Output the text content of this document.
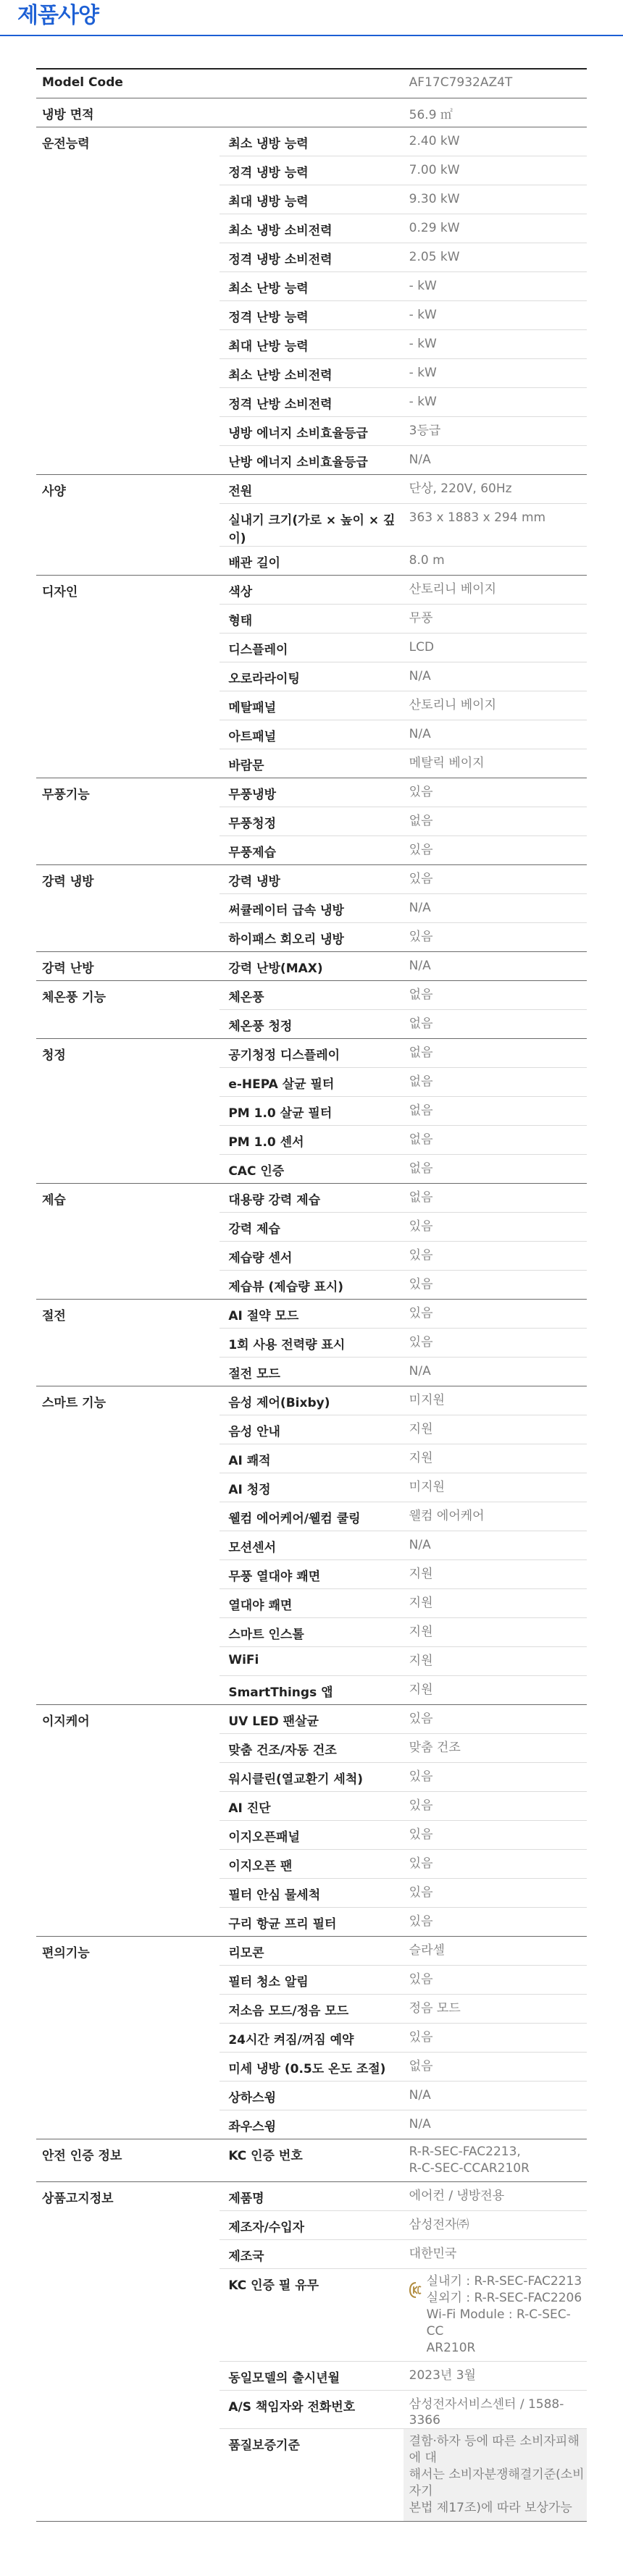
제품사양
Model Code		AF17C7932AZ4T
냉방 면적		56.9 ㎡
운전능력	최소 냉방 능력	2.40 kW
	정격 냉방 능력	7.00 kW
	최대 냉방 능력	9.30 kW
	최소 냉방 소비전력	0.29 kW
	정격 냉방 소비전력	2.05 kW
	최소 난방 능력	- kW
	정격 난방 능력	- kW
	최대 난방 능력	- kW
	최소 난방 소비전력	- kW
	정격 난방 소비전력	- kW
	냉방 에너지 소비효율등급	3등급
	난방 에너지 소비효율등급	N/A
사양	전원	단상, 220V, 60Hz
	실내기 크기(가로 × 높이 × 깊이)	363 x 1883 x 294 mm
	배관 길이	8.0 m
디자인	색상	산토리니 베이지
	형태	무풍
	디스플레이	LCD
	오로라라이팅	N/A
	메탈패널	산토리니 베이지
	아트패널	N/A
	바람문	메탈릭 베이지
무풍기능	무풍냉방	있음
	무풍청정	없음
	무풍제습	있음
강력 냉방	강력 냉방	있음
	써큘레이터 급속 냉방	N/A
	하이패스 회오리 냉방	있음
강력 난방	강력 난방(MAX)	N/A
체온풍 기능	체온풍	없음
	체온풍 청정	없음
청정	공기청정 디스플레이	없음
	e-HEPA 살균 필터	없음
	PM 1.0 살균 필터	없음
	PM 1.0 센서	없음
	CAC 인증	없음
제습	대용량 강력 제습	없음
	강력 제습	있음
	제습량 센서	있음
	제습뷰 (제습량 표시)	있음
절전	AI 절약 모드	있음
	1회 사용 전력량 표시	있음
	절전 모드	N/A
스마트 기능	음성 제어(Bixby)	미지원
	음성 안내	지원
	AI 쾌적	지원
	AI 청정	미지원
	웰컴 에어케어/웰컴 쿨링	웰컴 에어케어
	모션센서	N/A
	무풍 열대야 쾌면	지원
	열대야 쾌면	지원
	스마트 인스톨	지원
	WiFi	지원
	SmartThings 앱	지원
이지케어	UV LED 팬살균	있음
	맞춤 건조/자동 건조	맞춤 건조
	워시클린(열교환기 세척)	있음
	AI 진단	있음
	이지오픈패널	있음
	이지오픈 팬	있음
	필터 안심 물세척	있음
	구리 항균 프리 필터	있음
편의기능	리모콘	슬라셀
	필터 청소 알림	있음
	저소음 모드/정음 모드	정음 모드
	24시간 켜짐/꺼짐 예약	있음
	미세 냉방 (0.5도 온도 조절)	없음
	상하스윙	N/A
	좌우스윙	N/A
안전 인증 정보	KC 인증 번호	R-R-SEC-FAC2213,
R-C-SEC-CCAR210R

상품고지정보	제품명	에어컨 / 냉방전용
	제조자/수입자	삼성전자㈜
	제조국	대한민국
	KC 인증 필 유무	실내기 : R-R-SEC-FAC2213
실외기 : R-R-SEC-FAC2206
Wi-Fi Module : R-C-SEC-CC
AR210R

	동일모델의 출시년월	2023년 3월
	A/S 책임자와 전화번호	삼성전자서비스센터 / 1588-3366
	품질보증기준	결함·하자 등에 따른 소비자피해에 대
해서는 소비자분쟁해결기준(소비자기
본법 제17조)에 따라 보상가능
